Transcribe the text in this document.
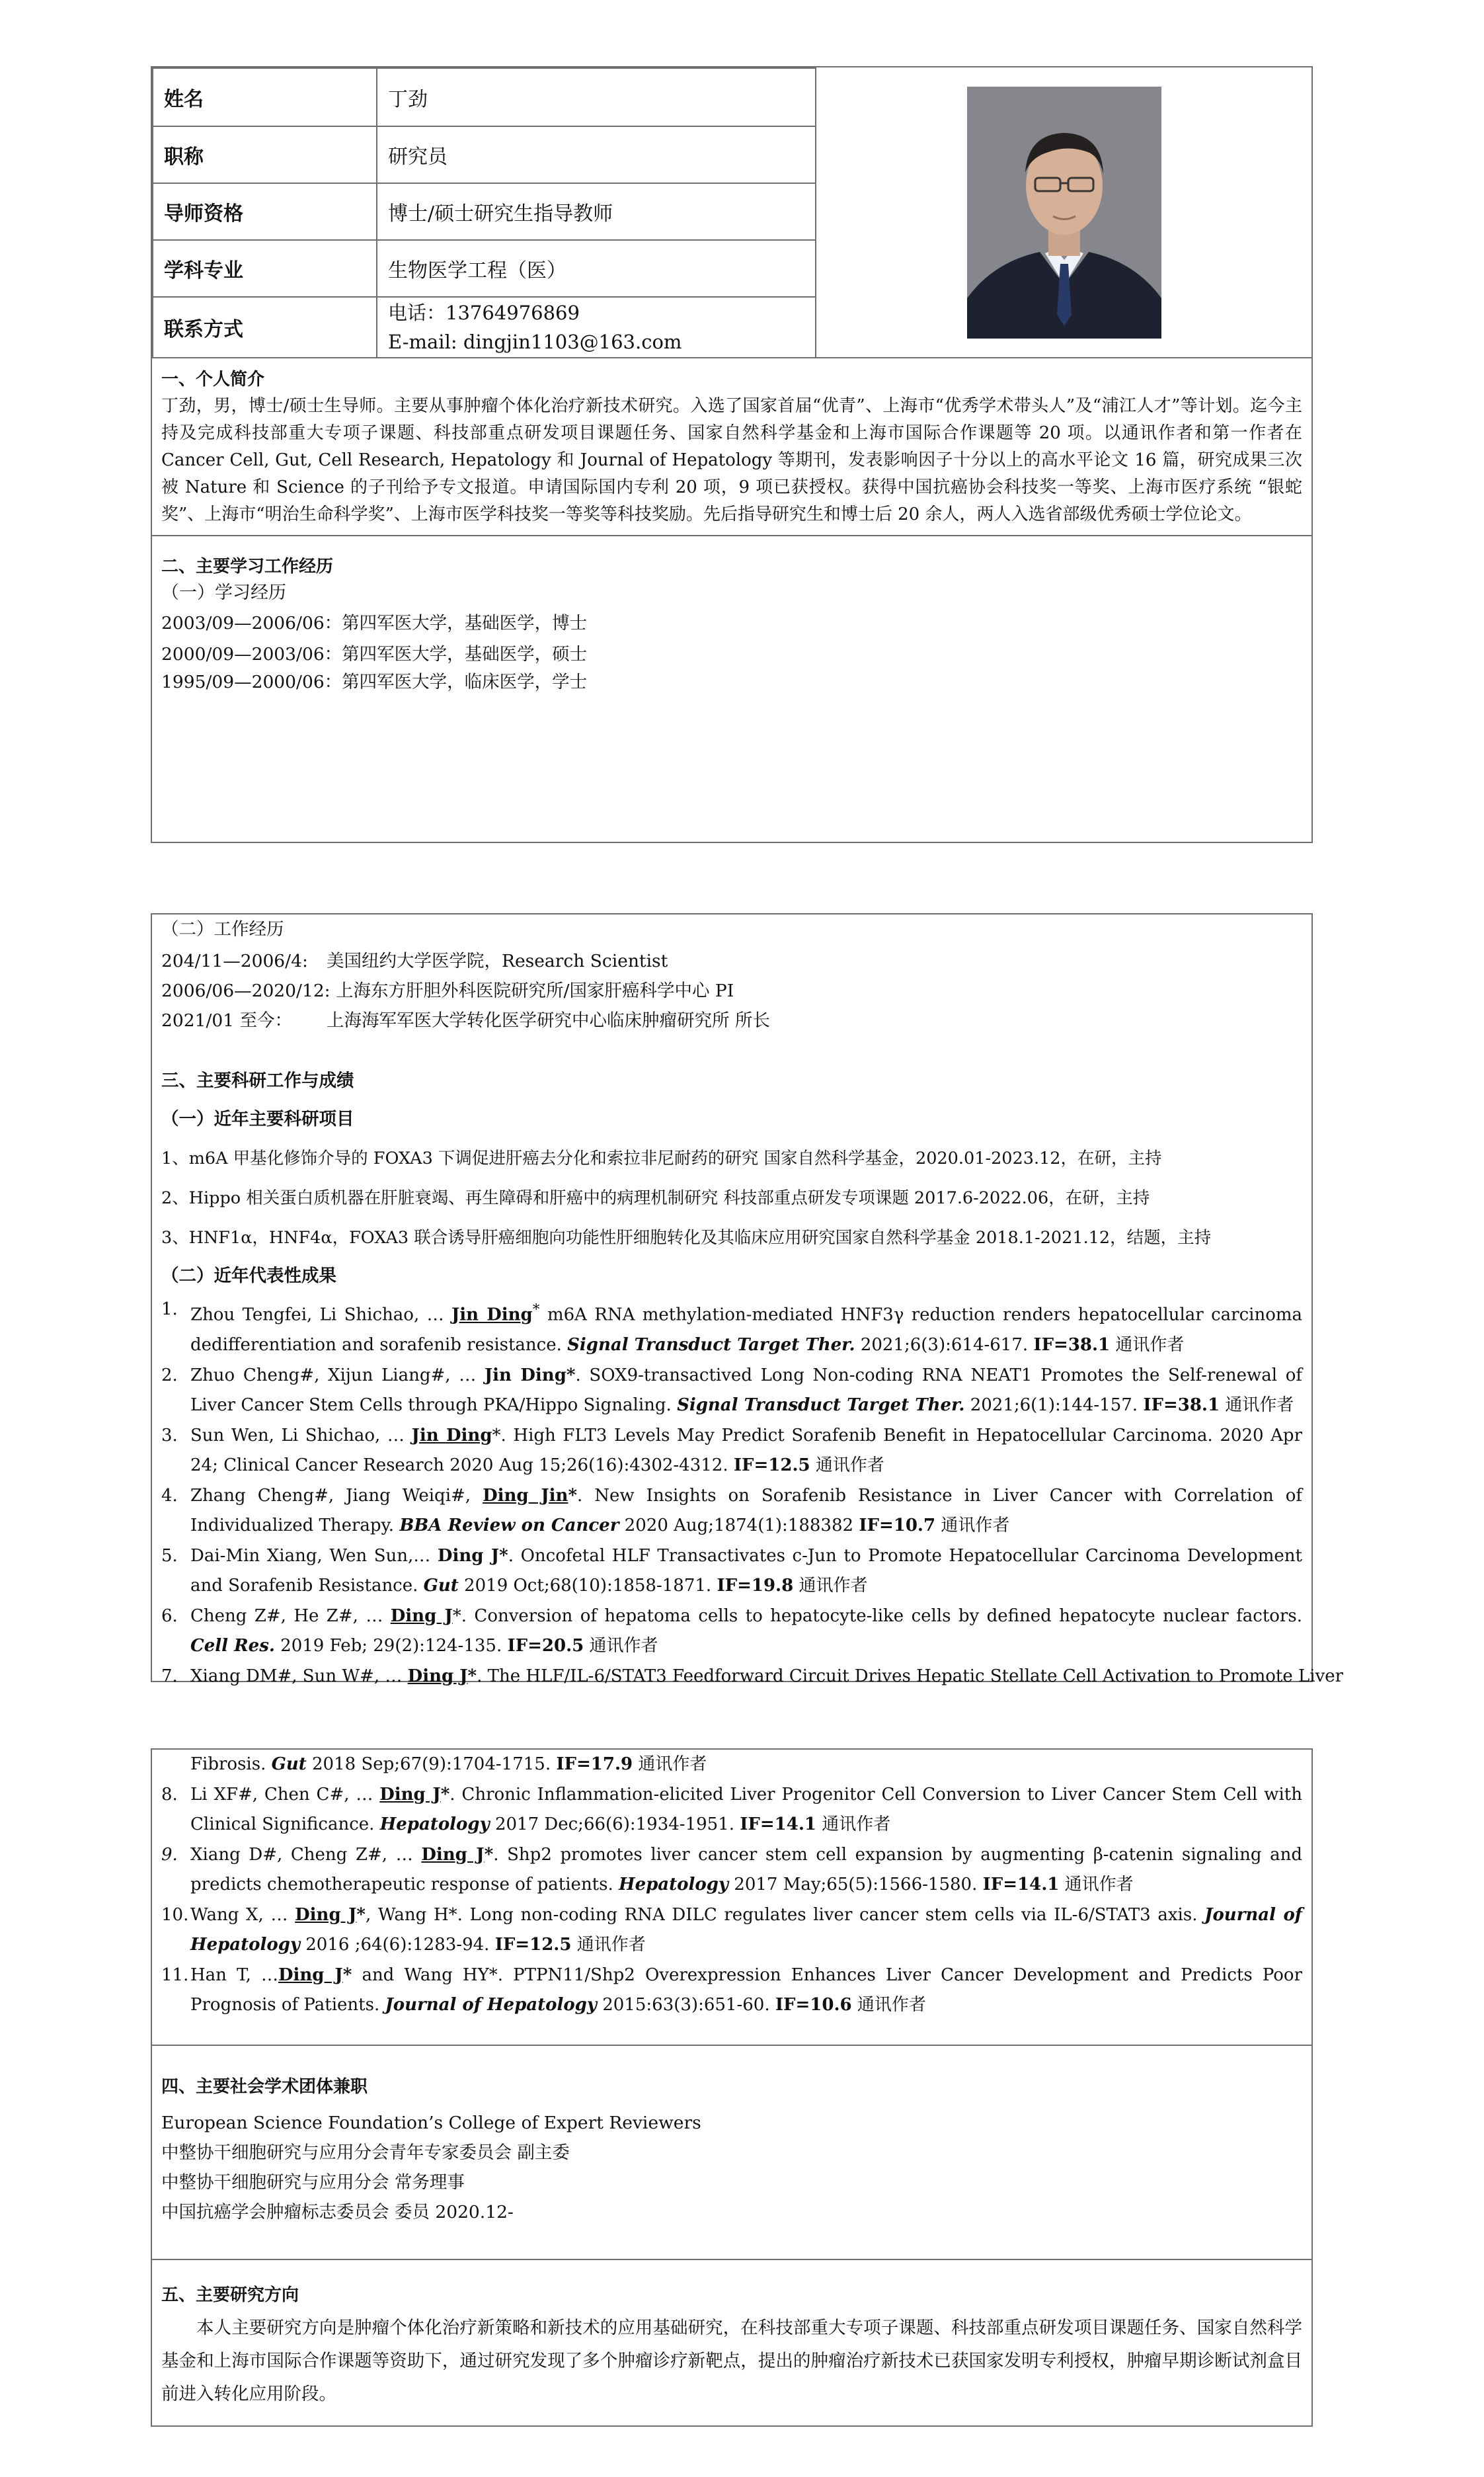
姓名	丁劲	

职称	研究员	
导师资格	博士/硕士研究生指导教师	
学科专业	生物医学工程（医）	
联系方式	电话：13764976869
E-mail: dingjin1103@163.com	
一、个人简介
丁劲，男，博士/硕士生导师。主要从事肿瘤个体化治疗新技术研究。入选了国家首届“优青”、上海市“优秀学术带头人”及“浦江人才”等计划。迄今主持及完成科技部重大专项子课题、科技部重点研发项目课题任务、国家自然科学基金和上海市国际合作课题等 20 项。以通讯作者和第一作者在 Cancer Cell, Gut, Cell Research, Hepatology 和 Journal of Hepatology 等期刊，发表影响因子十分以上的高水平论文 16 篇，研究成果三次被 Nature 和 Science 的子刊给予专文报道。申请国际国内专利 20 项，9 项已获授权。获得中国抗癌协会科技奖一等奖、上海市医疗系统 “银蛇奖”、上海市“明治生命科学奖”、上海市医学科技奖一等奖等科技奖励。先后指导研究生和博士后 20 余人，两人入选省部级优秀硕士学位论文。
二、主要学习工作经历
（一）学习经历
2003/09—2006/06：第四军医大学，基础医学，博士
2000/09—2003/06：第四军医大学，基础医学，硕士
1995/09—2000/06：第四军医大学，临床医学，学士
（二）工作经历
204/11—2006/4: 美国纽约大学医学院，Research Scientist
2006/06—2020/12: 上海东方肝胆外科医院研究所/国家肝癌科学中心 PI
2021/01 至今： 上海海军军医大学转化医学研究中心临床肿瘤研究所 所长
三、主要科研工作与成绩
（一）近年主要科研项目
1、m6A 甲基化修饰介导的 FOXA3 下调促进肝癌去分化和索拉非尼耐药的研究 国家自然科学基金，2020.01-2023.12，在研，主持
2、Hippo 相关蛋白质机器在肝脏衰竭、再生障碍和肝癌中的病理机制研究 科技部重点研发专项课题 2017.6-2022.06，在研，主持
3、HNF1α，HNF4α，FOXA3 联合诱导肝癌细胞向功能性肝细胞转化及其临床应用研究国家自然科学基金 2018.1-2021.12，结题，主持
（二）近年代表性成果
1. Zhou Tengfei, Li Shichao, … Jin Ding* m6A RNA methylation-mediated HNF3γ reduction renders hepatocellular carcinoma dedifferentiation and sorafenib resistance. Signal Transduct Target Ther. 2021;6(3):614-617. IF=38.1 通讯作者
2. Zhuo Cheng#, Xijun Liang#, … Jin Ding*. SOX9-transactived Long Non-coding RNA NEAT1 Promotes the Self-renewal of Liver Cancer Stem Cells through PKA/Hippo Signaling. Signal Transduct Target Ther. 2021;6(1):144-157. IF=38.1 通讯作者
3. Sun Wen, Li Shichao, … Jin Ding*. High FLT3 Levels May Predict Sorafenib Benefit in Hepatocellular Carcinoma. 2020 Apr 24; Clinical Cancer Research 2020 Aug 15;26(16):4302-4312. IF=12.5 通讯作者
4. Zhang Cheng#, Jiang Weiqi#, Ding Jin*. New Insights on Sorafenib Resistance in Liver Cancer with Correlation of Individualized Therapy. BBA Review on Cancer 2020 Aug;1874(1):188382 IF=10.7 通讯作者
5. Dai-Min Xiang, Wen Sun,… Ding J*. Oncofetal HLF Transactivates c-Jun to Promote Hepatocellular Carcinoma Development and Sorafenib Resistance. Gut 2019 Oct;68(10):1858-1871. IF=19.8 通讯作者
6. Cheng Z#, He Z#, … Ding J*. Conversion of hepatoma cells to hepatocyte-like cells by defined hepatocyte nuclear factors. Cell Res. 2019 Feb; 29(2):124-135. IF=20.5 通讯作者
7. Xiang DM#, Sun W#, … Ding J*. The HLF/IL-6/STAT3 Feedforward Circuit Drives Hepatic Stellate Cell Activation to Promote Liver
Fibrosis. Gut 2018 Sep;67(9):1704-1715. IF=17.9 通讯作者
8. Li XF#, Chen C#, … Ding J*. Chronic Inflammation-elicited Liver Progenitor Cell Conversion to Liver Cancer Stem Cell with Clinical Significance. Hepatology 2017 Dec;66(6):1934-1951. IF=14.1 通讯作者
9. Xiang D#, Cheng Z#, … Ding J*. Shp2 promotes liver cancer stem cell expansion by augmenting β-catenin signaling and predicts chemotherapeutic response of patients. Hepatology 2017 May;65(5):1566-1580. IF=14.1 通讯作者
10. Wang X, … Ding J*, Wang H*. Long non-coding RNA DILC regulates liver cancer stem cells via IL-6/STAT3 axis. Journal of Hepatology 2016 ;64(6):1283-94. IF=12.5 通讯作者
11. Han T, …Ding J* and Wang HY*. PTPN11/Shp2 Overexpression Enhances Liver Cancer Development and Predicts Poor Prognosis of Patients. Journal of Hepatology 2015:63(3):651-60. IF=10.6 通讯作者
四、主要社会学术团体兼职
European Science Foundation’s College of Expert Reviewers
中整协干细胞研究与应用分会青年专家委员会 副主委
中整协干细胞研究与应用分会 常务理事
中国抗癌学会肿瘤标志委员会 委员 2020.12-
五、主要研究方向
本人主要研究方向是肿瘤个体化治疗新策略和新技术的应用基础研究，在科技部重大专项子课题、科技部重点研发项目课题任务、国家自然科学基金和上海市国际合作课题等资助下，通过研究发现了多个肿瘤诊疗新靶点，提出的肿瘤治疗新技术已获国家发明专利授权，肿瘤早期诊断试剂盒目前进入转化应用阶段。
